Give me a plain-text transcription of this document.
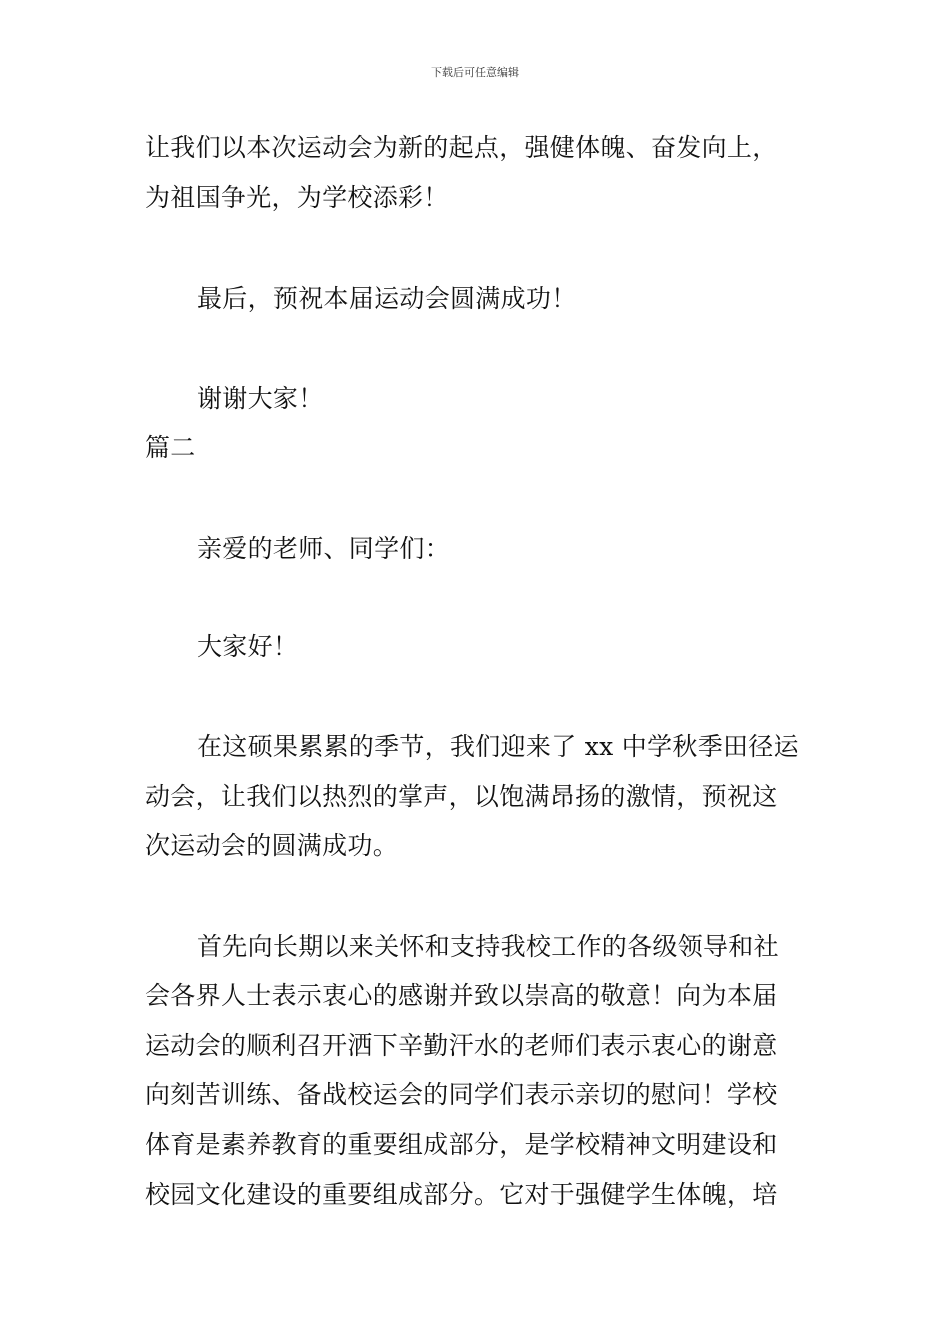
下载后可任意编辑
让我们以本次运动会为新的起点，强健体魄、奋发向上，
为祖国争光，为学校添彩！
最后，预祝本届运动会圆满成功！
谢谢大家！
篇二
亲爱的老师、同学们：
大家好！
在这硕果累累的季节，我们迎来了 xx 中学秋季田径运
动会，让我们以热烈的掌声，以饱满昂扬的激情，预祝这
次运动会的圆满成功。
首先向长期以来关怀和支持我校工作的各级领导和社
会各界人士表示衷心的感谢并致以崇高的敬意！向为本届
运动会的顺利召开洒下辛勤汗水的老师们表示衷心的谢意
向刻苦训练、备战校运会的同学们表示亲切的慰问！学校
体育是素养教育的重要组成部分，是学校精神文明建设和
校园文化建设的重要组成部分。它对于强健学生体魄，培
